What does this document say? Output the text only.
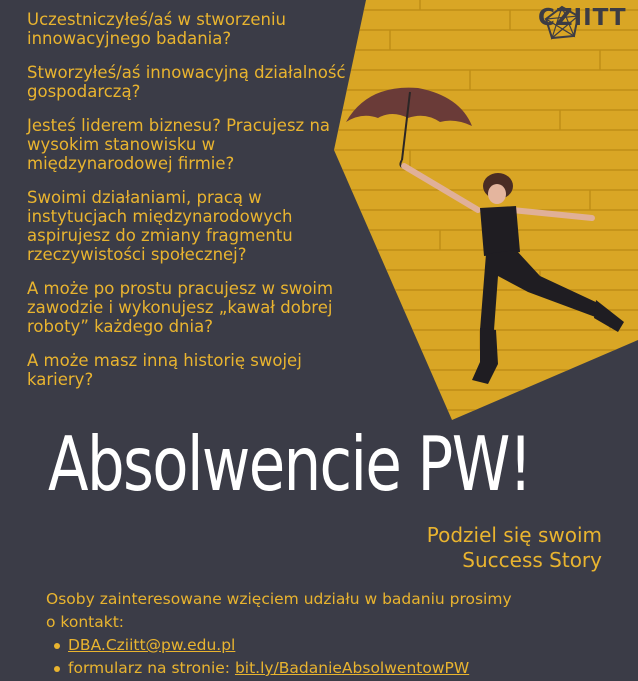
CZIITT

Uczestniczyłeś/aś w stworzeniu innowacyjnego badania?

Stworzyłeś/aś innowacyjną działalność gospodarczą?

Jesteś liderem biznesu? Pracujesz na wysokim stanowisku w międzynarodowej firmie?

Swoimi działaniami, pracą w instytucjach międzynarodowych aspirujesz do zmiany fragmentu rzeczywistości społecznej?

A może po prostu pracujesz w swoim zawodzie i wykonujesz „kawał dobrej roboty” każdego dnia?

A może masz inną historię swojej kariery?

Absolwencie PW!
Podziel się swoim
Success Story
Osoby zainteresowane wzięciem udziału w badaniu prosimy
o kontakt:
DBA.Cziitt@pw.edu.pl
formularz na stronie: bit.ly/BadanieAbsolwentowPW
